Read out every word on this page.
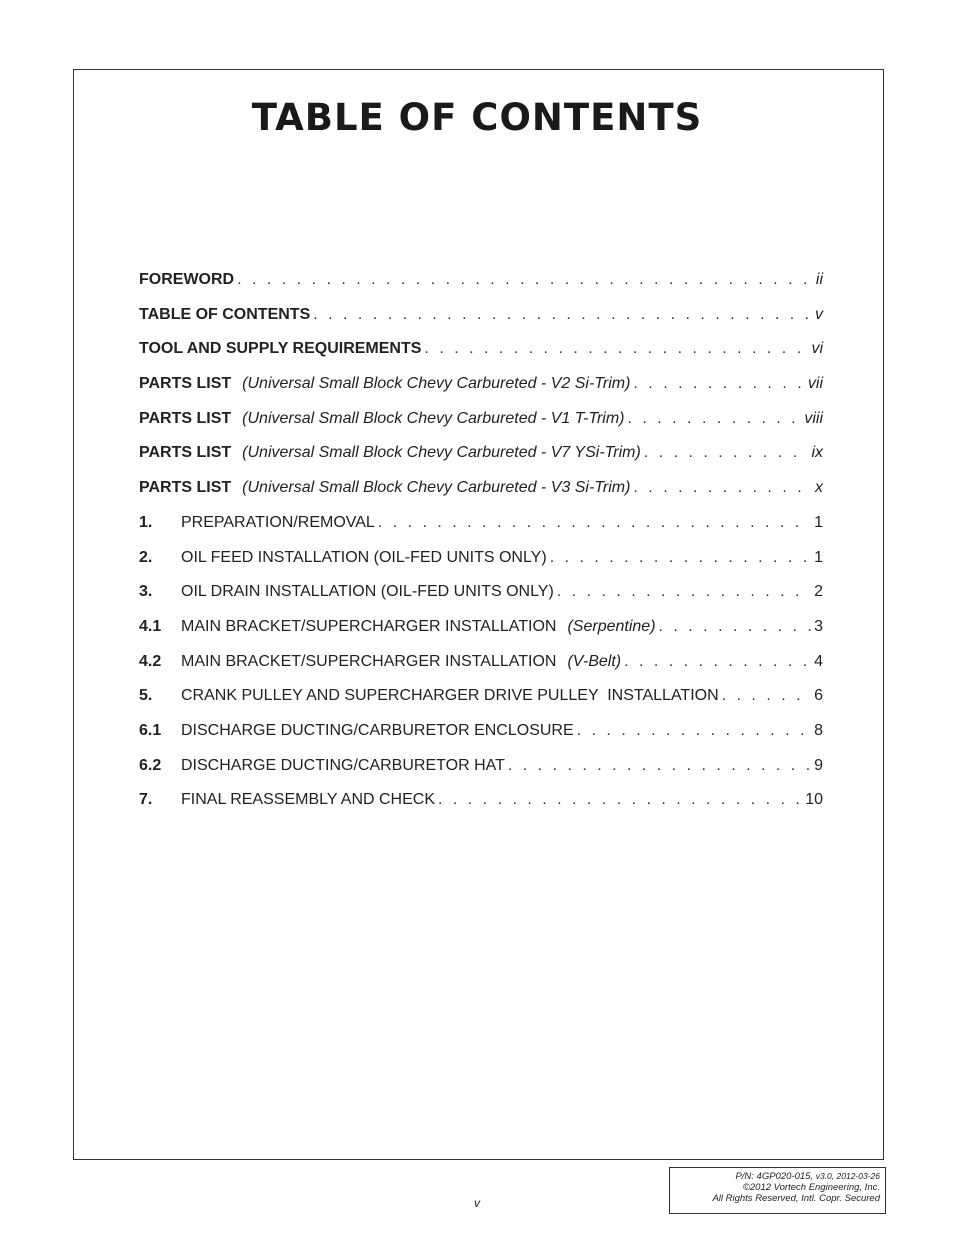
TABLE OF CONTENTS
FOREWORD . . .	ii
TABLE OF CONTENTS . . .	v
TOOL AND SUPPLY REQUIREMENTS . . .	vi
PARTS LIST (Universal Small Block Chevy Carbureted - V2 Si-Trim) . . .	vii
PARTS LIST (Universal Small Block Chevy Carbureted - V1 T-Trim) . . .	viii
PARTS LIST (Universal Small Block Chevy Carbureted - V7 YSi-Trim) . . .	ix
PARTS LIST (Universal Small Block Chevy Carbureted - V3 Si-Trim) . . .	x
1.	PREPARATION/REMOVAL . . .	1
2.	OIL FEED INSTALLATION (OIL-FED UNITS ONLY) . . .	1
3.	OIL DRAIN INSTALLATION (OIL-FED UNITS ONLY) . . .	2
4.1	MAIN BRACKET/SUPERCHARGER INSTALLATION (Serpentine) . . .	3
4.2	MAIN BRACKET/SUPERCHARGER INSTALLATION (V-Belt) . . .	4
5.	CRANK PULLEY AND SUPERCHARGER DRIVE PULLEY  INSTALLATION . . .	6
6.1	DISCHARGE DUCTING/CARBURETOR ENCLOSURE . . .	8
6.2	DISCHARGE DUCTING/CARBURETOR HAT . . .	9
7.	FINAL REASSEMBLY AND CHECK . . .	10
P/N: 4GP020-015, v3.0, 2012-03-26
©2012 Vortech Engineering, Inc.
All Rights Reserved, Intl. Copr. Secured
v
